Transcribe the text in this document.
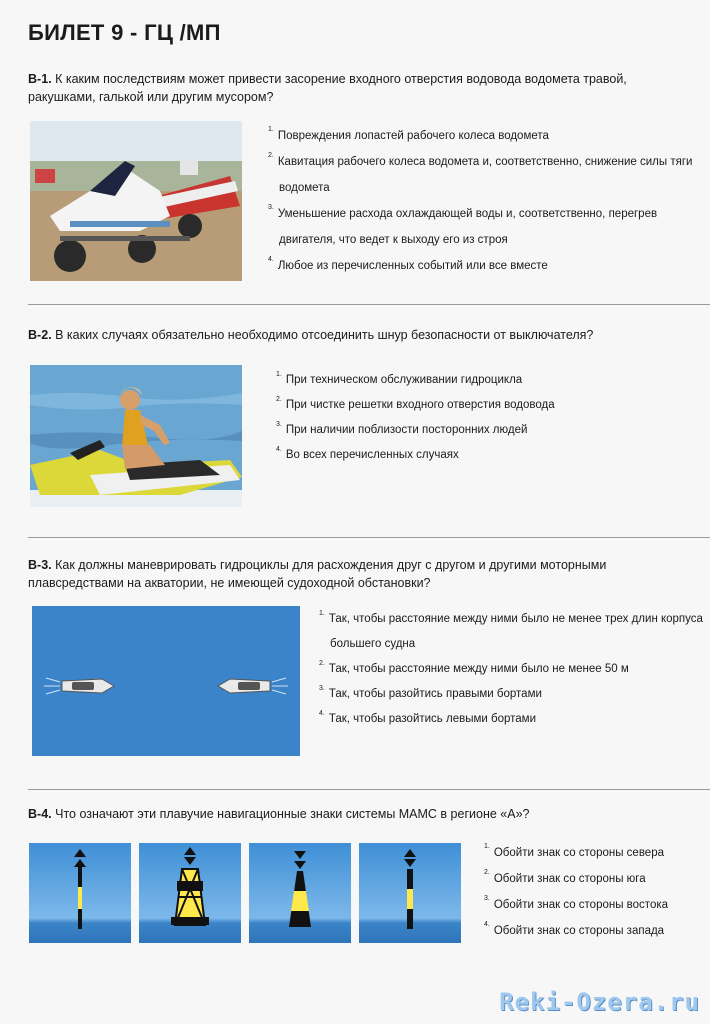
БИЛЕТ 9 - ГЦ /МП
В-1. К каким последствиям может привести засорение входного отверстия водовода водомета травой, ракушками, галькой или другим мусором?
1.Повреждения лопастей рабочего колеса водомета
2.Кавитация рабочего колеса водомета и, соответственно, снижение силы тяги
водомета
3.Уменьшение расхода охлаждающей воды и, соответственно, перегрев
двигателя, что ведет к выходу его из строя
4.Любое из перечисленных событий или все вместе
В-2. В каких случаях обязательно необходимо отсоединить шнур безопасности от выключателя?
1. При техническом обслуживании гидроцикла
2. При чистке решетки входного отверстия водовода
3. При наличии поблизости посторонних людей
4. Во всех перечисленных случаях
В-3. Как должны маневрировать гидроциклы для расхождения друг с другом и другими моторными плавсредствами на акватории, не имеющей судоходной обстановки?
1. Так, чтобы расстояние между ними было не менее трех длин корпуса
большего судна
2. Так, чтобы расстояние между ними было не менее 50 м
3. Так, чтобы разойтись правыми бортами
4. Так, чтобы разойтись левыми бортами
В-4. Что означают эти плавучие навигационные знаки системы МАМС в регионе «А»?
1.Обойти знак со стороны севера
2.Обойти знак со стороны юга
3.Обойти знак со стороны востока
4.Обойти знак со стороны запада
Reki-Ozera.ru
